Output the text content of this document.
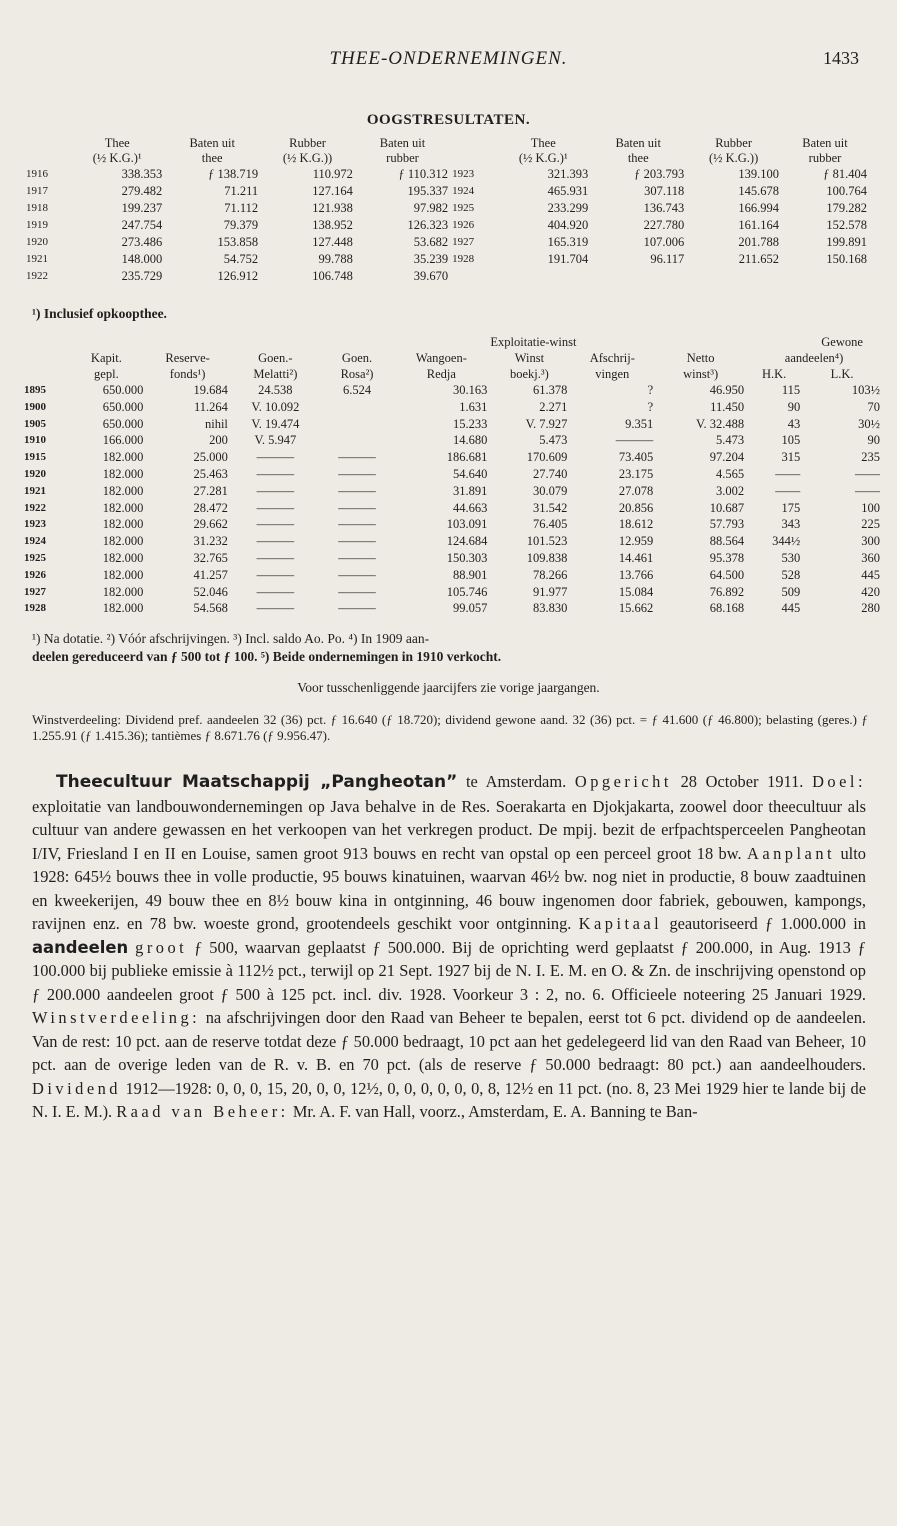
THEE-ONDERNEMINGEN.	1433
OOGSTRESULTATEN.
	Thee	Baten uit	Rubber	Baten uit		Thee	Baten uit	Rubber	Baten uit
	(½ K.G.)¹	thee	(½ K.G.))	rubber		(½ K.G.)¹	thee	(½ K.G.))	rubber
1916	338.353	ƒ 138.719	110.972	ƒ 110.312	1923	321.393	ƒ 203.793	139.100	ƒ 81.404
1917	279.482	71.211	127.164	195.337	1924	465.931	307.118	145.678	100.764
1918	199.237	71.112	121.938	97.982	1925	233.299	136.743	166.994	179.282
1919	247.754	79.379	138.952	126.323	1926	404.920	227.780	161.164	152.578
1920	273.486	153.858	127.448	53.682	1927	165.319	107.006	201.788	199.891
1921	148.000	54.752	99.788	35.239	1928	191.704	96.117	211.652	150.168
1922	235.729	126.912	106.748	39.670					
¹) Inclusief opkoopthee.
				Exploitatie-winst						Gewone
	Kapit.	Reserve-	Goen.-	Goen.	Wangoen-	Winst	Afschrij-	Netto	aandeelen⁴)	
	gepl.	fonds¹)	Melatti²)	Rosa²)	Redja	boekj.³)	vingen	winst³)	H.K.	L.K.
1895	650.000	19.684	24.538	6.524	30.163	61.378	?	46.950	115	103½
1900	650.000	11.264	V. 10.092		1.631	2.271	?	11.450	90	70
1905	650.000	nihil	V. 19.474		15.233	V. 7.927	9.351	V. 32.488	43	30½
1910	166.000	200	V. 5.947		14.680	5.473	———	5.473	105	90
1915	182.000	25.000	———	———	186.681	170.609	73.405	97.204	315	235
1920	182.000	25.463	———	———	54.640	27.740	23.175	4.565	——	——
1921	182.000	27.281	———	———	31.891	30.079	27.078	3.002	——	——
1922	182.000	28.472	———	———	44.663	31.542	20.856	10.687	175	100
1923	182.000	29.662	———	———	103.091	76.405	18.612	57.793	343	225
1924	182.000	31.232	———	———	124.684	101.523	12.959	88.564	344½	300
1925	182.000	32.765	———	———	150.303	109.838	14.461	95.378	530	360
1926	182.000	41.257	———	———	88.901	78.266	13.766	64.500	528	445
1927	182.000	52.046	———	———	105.746	91.977	15.084	76.892	509	420
1928	182.000	54.568	———	———	99.057	83.830	15.662	68.168	445	280
¹) Na dotatie. ²) Vóór afschrijvingen. ³) Incl. saldo Ao. Po. ⁴) In 1909 aan-
deelen gereduceerd van ƒ 500 tot ƒ 100. ⁵) Beide ondernemingen in 1910 verkocht.
Voor tusschenliggende jaarcijfers zie vorige jaargangen.
Winstverdeeling: Dividend pref. aandeelen 32 (36) pct. ƒ 16.640 (ƒ 18.720); dividend gewone aand. 32 (36) pct. = ƒ 41.600 (ƒ 46.800); belasting (geres.) ƒ 1.255.91 (ƒ 1.415.36); tantièmes ƒ 8.671.76 (ƒ 9.956.47).

Theecultuur Maatschappij „Pangheotan” te Amsterdam. Opgericht 28 October 1911. Doel: exploitatie van landbouwondernemingen op Java behalve in de Res. Soerakarta en Djokjakarta, zoowel door theecultuur als cultuur van andere gewassen en het verkoopen van het verkregen product. De mpij. bezit de erfpachtsperceelen Pangheotan I/IV, Friesland I en II en Louise, samen groot 913 bouws en recht van opstal op een perceel groot 18 bw. Aanplant ulto 1928: 645½ bouws thee in volle productie, 95 bouws kinatuinen, waarvan 46½ bw. nog niet in productie, 8 bouw zaadtuinen en kweekerijen, 49 bouw thee en 8½ bouw kina in ontginning, 46 bouw ingenomen door fabriek, gebouwen, kampongs, ravijnen enz. en 78 bw. woeste grond, grootendeels geschikt voor ontginning. Kapitaal geautoriseerd ƒ 1.000.000 in aandeelen groot ƒ 500, waarvan geplaatst ƒ 500.000. Bij de oprichting werd geplaatst ƒ 200.000, in Aug. 1913 ƒ 100.000 bij publieke emissie à 112½ pct., terwijl op 21 Sept. 1927 bij de N. I. E. M. en O. & Zn. de inschrijving openstond op ƒ 200.000 aandeelen groot ƒ 500 à 125 pct. incl. div. 1928. Voorkeur 3 : 2, no. 6. Officieele noteering 25 Januari 1929. Winstverdeeling: na afschrijvingen door den Raad van Beheer te bepalen, eerst tot 6 pct. dividend op de aandeelen. Van de rest: 10 pct. aan de reserve totdat deze ƒ 50.000 bedraagt, 10 pct aan het gedelegeerd lid van den Raad van Beheer, 10 pct. aan de overige leden van de R. v. B. en 70 pct. (als de reserve ƒ 50.000 bedraagt: 80 pct.) aan aandeelhouders. Dividend 1912—1928: 0, 0, 0, 15, 20, 0, 0, 12½, 0, 0, 0, 0, 0, 0, 8, 12½ en 11 pct. (no. 8, 23 Mei 1929 hier te lande bij de N. I. E. M.). Raad van Beheer: Mr. A. F. van Hall, voorz., Amsterdam, E. A. Banning te Ban-
